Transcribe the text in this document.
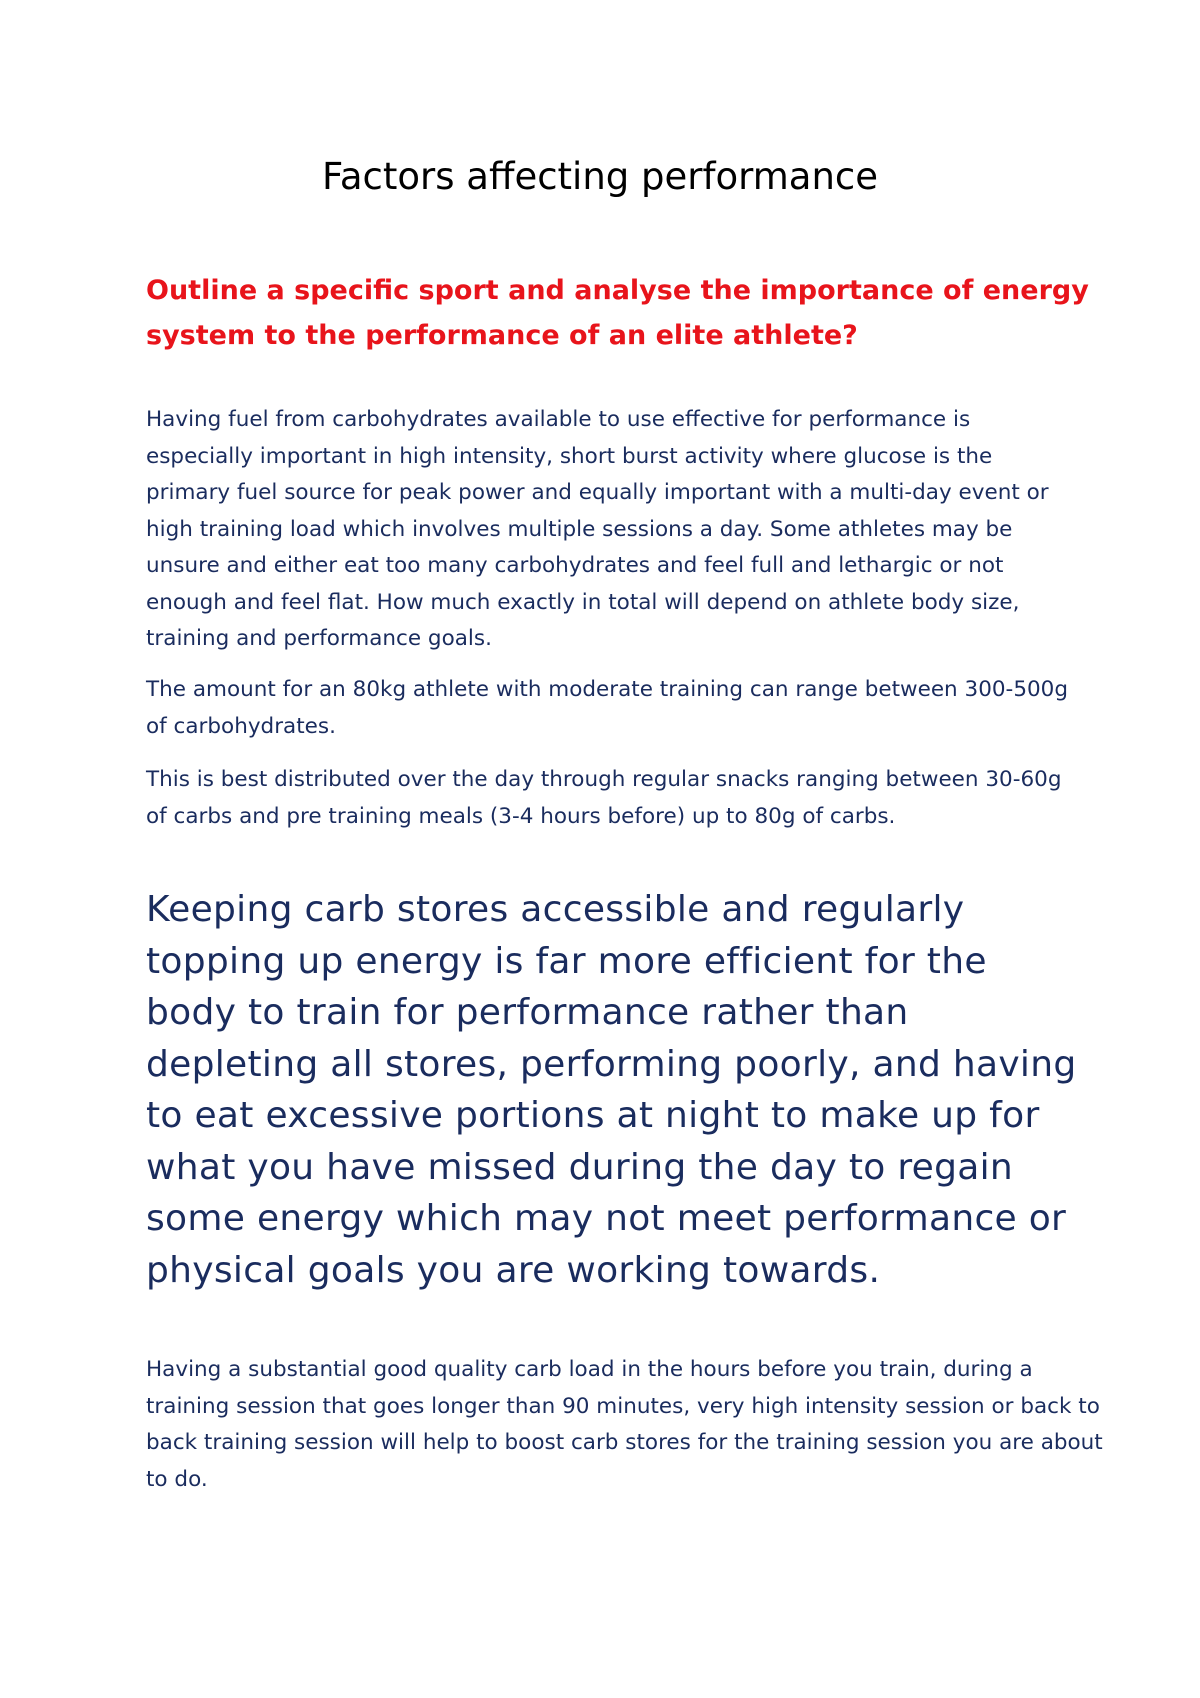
Factors affecting performance

Outline a specific sport and analyse the importance of energy system to the performance of an elite athlete?

Having fuel from carbohydrates available to use effective for performance is especially important in high intensity, short burst activity where glucose is the primary fuel source for peak power and equally important with a multi-day event or high training load which involves multiple sessions a day. Some athletes may be unsure and either eat too many carbohydrates and feel full and lethargic or not enough and feel flat. How much exactly in total will depend on athlete body size, training and performance goals.

The amount for an 80kg athlete with moderate training can range between 300-500g of carbohydrates.

This is best distributed over the day through regular snacks ranging between 30-60g of carbs and pre training meals (3-4 hours before) up to 80g of carbs.

Keeping carb stores accessible and regularly topping up energy is far more efficient for the body to train for performance rather than depleting all stores, performing poorly, and having to eat excessive portions at night to make up for what you have missed during the day to regain some energy which may not meet performance or physical goals you are working towards.

Having a substantial good quality carb load in the hours before you train, during a training session that goes longer than 90 minutes, very high intensity session or back to back training session will help to boost carb stores for the training session you are about to do.
